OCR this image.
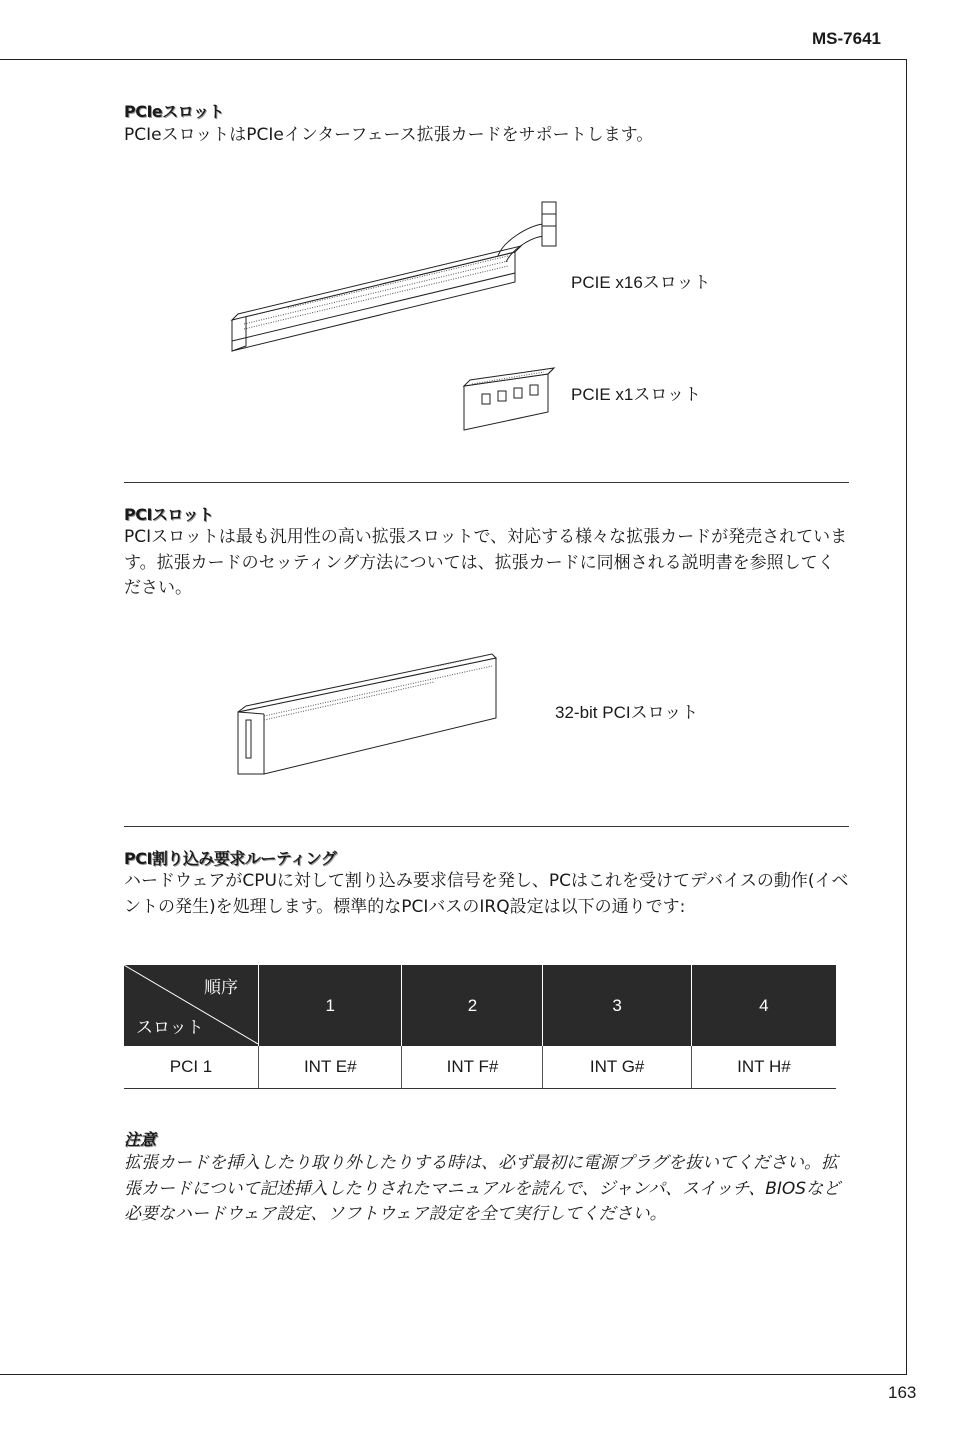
MS-7641
PCIeスロット
PCIeスロットはPCIeインターフェース拡張カードをサポートします。
PCIE x16スロット
PCIE x1スロット
PCIスロット
PCIスロットは最も汎用性の高い拡張スロットで、対応する様々な拡張カードが発売されています。拡張カードのセッティング方法については、拡張カードに同梱される説明書を参照してください。
32-bit PCIスロット
PCI割り込み要求ルーティング
ハードウェアがCPUに対して割り込み要求信号を発し、PCはこれを受けてデバイスの動作(イベントの発生)を処理します。標準的なPCIバスのIRQ設定は以下の通りです:
順序
スロット	1	2	3	4
PCI 1	INT E#	INT F#	INT G#	INT H#
注意
拡張カードを挿入したり取り外したりする時は、必ず最初に電源プラグを抜いてください。拡張カードについて記述挿入したりされたマニュアルを読んで、ジャンパ、スイッチ、BIOSなど必要なハードウェア設定、ソフトウェア設定を全て実行してください。
163
